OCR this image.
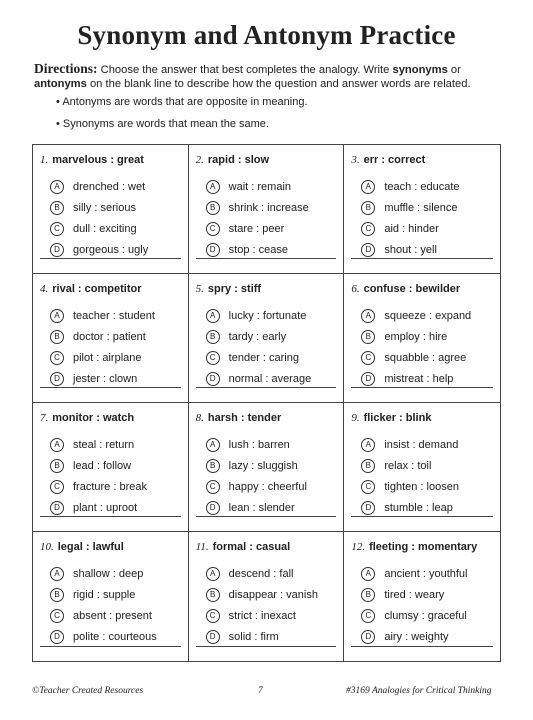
Synonym and Antonym Practice
Directions: Choose the answer that best completes the analogy. Write synonyms or antonyms on the blank line to describe how the question and answer words are related.
• Antonyms are words that are opposite in meaning.
• Synonyms are words that mean the same.
1. marvelous : great
A	drenched : wet
B	silly : serious
C	dull : exciting
D	gorgeous : ugly
2. rapid : slow
A	wait : remain
B	shrink : increase
C	stare : peer
D	stop : cease
3. err : correct
A	teach : educate
B	muffle : silence
C	aid : hinder
D	shout : yell
4. rival : competitor
A	teacher : student
B	doctor : patient
C	pilot : airplane
D	jester : clown
5. spry : stiff
A	lucky : fortunate
B	tardy : early
C	tender : caring
D	normal : average
6. confuse : bewilder
A	squeeze : expand
B	employ : hire
C	squabble : agree
D	mistreat : help
7. monitor : watch
A	steal : return
B	lead : follow
C	fracture : break
D	plant : uproot
8. harsh : tender
A	lush : barren
B	lazy : sluggish
C	happy : cheerful
D	lean : slender
9. flicker : blink
A	insist : demand
B	relax : toil
C	tighten : loosen
D	stumble : leap
10. legal : lawful
A	shallow : deep
B	rigid : supple
C	absent : present
D	polite : courteous
11. formal : casual
A	descend : fall
B	disappear : vanish
C	strict : inexact
D	solid : firm
12. fleeting : momentary
A	ancient : youthful
B	tired : weary
C	clumsy : graceful
D	airy : weighty
©Teacher Created Resources	7	#3169 Analogies for Critical Thinking
